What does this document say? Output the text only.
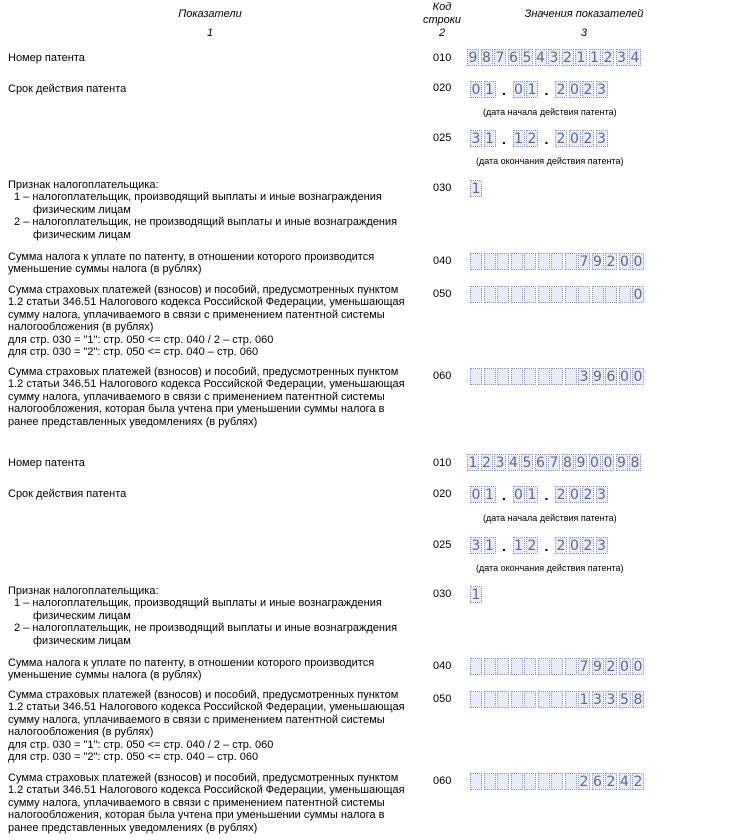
Показатели
1
Код
строки
2
Значения показателей
3
Номер патента	010 9 8 7 6 5 4 3 2 1 1 2 3 4
Срок действия патента	020 0 1 . 0 1 . 2 0 2 3
(дата начала действия патента)
025 3 1 . 1 2 . 2 0 2 3
(дата окончания действия патента)
Признак налогоплательщика:
1 – налогоплательщик, производящий выплаты и иные вознаграждения
физическим лицам
2 – налогоплательщик, не производящий выплаты и иные вознаграждения
физическим лицам
030 1
Сумма налога к уплате по патенту, в отношении которого производится
уменьшение суммы налога (в рублях)
040	7 9 2 0 0
Сумма страховых платежей (взносов) и пособий, предусмотренных пунктом
1.2 статьи 346.51 Налогового кодекса Российской Федерации, уменьшающая
сумму налога, уплачиваемого в связи с применением патентной системы
налогообложения (в рублях)
для стр. 030 = "1": стр. 050 <= стр. 040 / 2 – стр. 060
для стр. 030 = "2": стр. 050 <= стр. 040 – стр. 060
050	0
Сумма страховых платежей (взносов) и пособий, предусмотренных пунктом
1.2 статьи 346.51 Налогового кодекса Российской Федерации, уменьшающая
сумму налога, уплачиваемого в связи с применением патентной системы
налогообложения, которая была учтена при уменьшении суммы налога в
ранее представленных уведомлениях (в рублях)
060	3 9 6 0 0
Номер патента	010 1 2 3 4 5 6 7 8 9 0 0 9 8
Срок действия патента	020 0 1 . 0 1 . 2 0 2 3
(дата начала действия патента)
025 3 1 . 1 2 . 2 0 2 3
(дата окончания действия патента)
Признак налогоплательщика:
1 – налогоплательщик, производящий выплаты и иные вознаграждения
физическим лицам
2 – налогоплательщик, не производящий выплаты и иные вознаграждения
физическим лицам
030 1
Сумма налога к уплате по патенту, в отношении которого производится
уменьшение суммы налога (в рублях)
040	7 9 2 0 0
Сумма страховых платежей (взносов) и пособий, предусмотренных пунктом
1.2 статьи 346.51 Налогового кодекса Российской Федерации, уменьшающая
сумму налога, уплачиваемого в связи с применением патентной системы
налогообложения (в рублях)
для стр. 030 = "1": стр. 050 <= стр. 040 / 2 – стр. 060
для стр. 030 = "2": стр. 050 <= стр. 040 – стр. 060
050	1 3 3 5 8
Сумма страховых платежей (взносов) и пособий, предусмотренных пунктом
1.2 статьи 346.51 Налогового кодекса Российской Федерации, уменьшающая
сумму налога, уплачиваемого в связи с применением патентной системы
налогообложения, которая была учтена при уменьшении суммы налога в
ранее представленных уведомлениях (в рублях)
060	2 6 2 4 2
